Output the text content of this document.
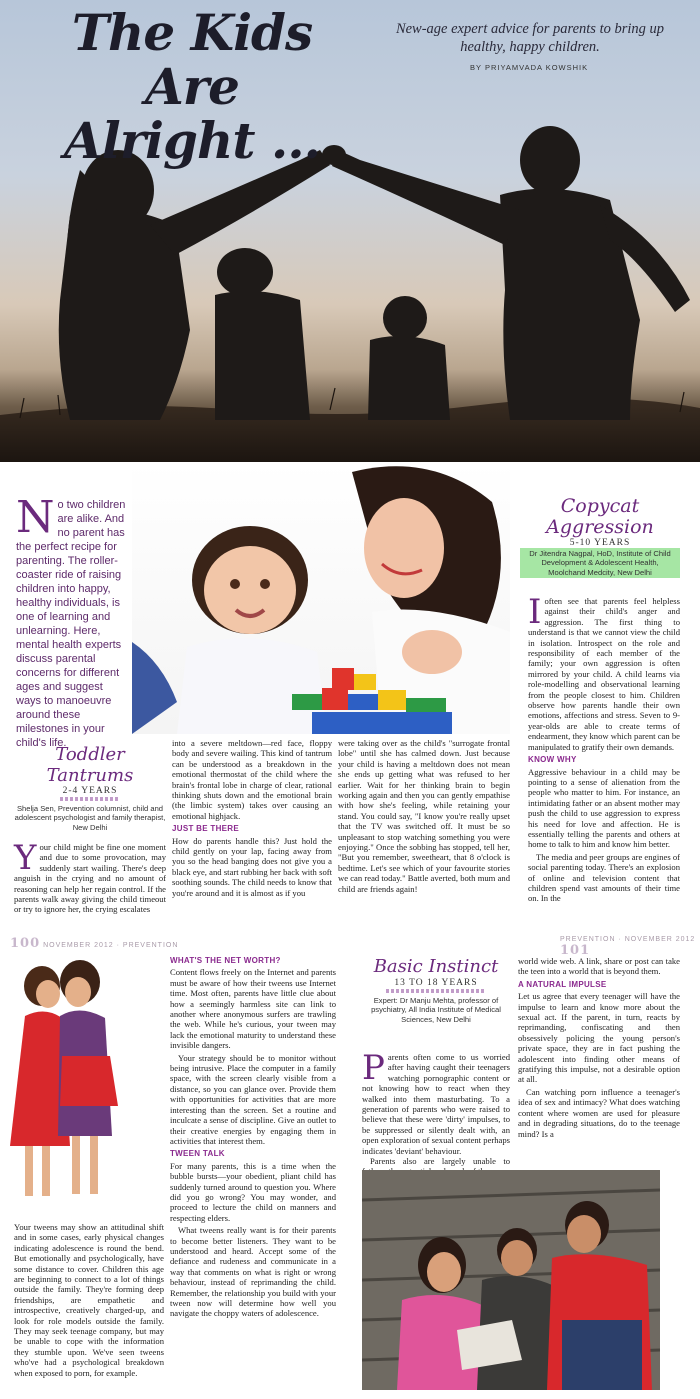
The Kids Are Alright ...
New-age expert advice for parents to bring up healthy, happy children.
BY PRIYAMVADA KOWSHIK
No two children are alike. And no parent has the perfect recipe for parenting. The roller-coaster ride of raising children into happy, healthy individuals, is one of learning and unlearning. Here, mental health experts discuss parental concerns for different ages and suggest ways to manoeuvre around these milestones in your child's life.
Toddler Tantrums
2-4 YEARS
Shelja Sen, Prevention columnist, child and adolescent psychologist and family therapist, New Delhi
Your child might be fine one moment and due to some provocation, may suddenly start wailing. There's deep anguish in the crying and no amount of reasoning can help her regain control. If the parents walk away giving the child timeout or try to ignore her, the crying escalates

into a severe meltdown—red face, floppy body and severe wailing. This kind of tantrum can be understood as a breakdown in the emotional thermostat of the child where the brain's frontal lobe in charge of clear, rational thinking shuts down and the emotional brain (the limbic system) takes over causing an emotional highjack.

JUST BE THERE

How do parents handle this? Just hold the child gently on your lap, facing away from you so the head banging does not give you a black eye, and start rubbing her back with soft soothing sounds. The child needs to know that you're around and it is almost as if you

were taking over as the child's "surrogate frontal lobe" until she has calmed down. Just because your child is having a meltdown does not mean she ends up getting what was refused to her earlier. Wait for her thinking brain to begin working again and then you can gently empathise with how she's feeling, while retaining your stand. You could say, "I know you're really upset that the TV was switched off. It must be so unpleasant to stop watching something you were enjoying." Once the sobbing has stopped, tell her, "But you remember, sweetheart, that 8 o'clock is bedtime. Let's see which of your favourite stories we can read today." Battle averted, both mum and child are friends again!

Copycat Aggression
5-10 YEARS
Dr Jitendra Nagpal, HoD, Institute of Child Development & Adolescent Health, Moolchand Medcity, New Delhi
Ioften see that parents feel helpless against their child's anger and aggression. The first thing to understand is that we cannot view the child in isolation. Introspect on the role and responsibility of each member of the family; your own aggression is often mirrored by your child. A child learns via role-modelling and observational learning from the people closest to him. Children observe how parents handle their own emotions, affections and stress. Seven to 9-year-olds are able to create terms of endearment, they know which parent can be manipulated to gratify their own demands.
KNOW WHY

Aggressive behaviour in a child may be pointing to a sense of alienation from the people who matter to him. For instance, an intimidating father or an absent mother may push the child to use aggression to express his need for love and affection. He is essentially telling the parents and others at home to talk to him and know him better.

The media and peer groups are engines of social parenting today. There's an explosion of online and television content that children spend vast amounts of their time on. In the

100 NOVEMBER 2012 · PREVENTION
PREVENTION · NOVEMBER 2012 101

Your tweens may show an attitudinal shift and in some cases, early physical changes indicating adolescence is round the bend. But emotionally and psychologically, have some distance to cover. Children this age are beginning to connect to a lot of things outside the family. They're forming deep friendships, are empathetic and introspective, creatively charged-up, and look for role models outside the family. They may seek teenage company, but may be unable to cope with the information they stumble upon. We've seen tweens who've had a psychological breakdown when exposed to porn, for example.

WHAT'S THE NET WORTH?

Content flows freely on the Internet and parents must be aware of how their tweens use Internet time. Most often, parents have little clue about how a seemingly harmless site can link to another where anonymous surfers are trawling the web. While he's curious, your tween may lack the emotional maturity to understand these invisible dangers.

Your strategy should be to monitor without being intrusive. Place the computer in a family space, with the screen clearly visible from a distance, so you can glance over. Provide them with opportunities for activities that are more interesting than the screen. Set a routine and inculcate a sense of discipline. Give an outlet to their creative energies by engaging them in activities that interest them.

TWEEN TALK

For many parents, this is a time when the bubble bursts—your obedient, pliant child has suddenly turned around to question you. Where did you go wrong? You may wonder, and proceed to lecture the child on manners and respecting elders.

What tweens really want is for their parents to become better listeners. They want to be understood and heard. Accept some of the defiance and rudeness and communicate in a way that comments on what is right or wrong behaviour, instead of reprimanding the child. Remember, the relationship you build with your tween now will determine how well you navigate the choppy waters of adolescence.

Basic Instinct
13 TO 18 YEARS
Expert: Dr Manju Mehta, professor of psychiatry, All India Institute of Medical Sciences, New Delhi
Parents often come to us worried after having caught their teenagers watching pornographic content or not knowing how to react when they walked into them masturbating. To a generation of parents who were raised to believe that these were 'dirty' impulses, to be suppressed or silently dealt with, an open exploration of sexual content perhaps indicates 'deviant' behaviour.

Parents also are largely unable to

world wide web. A link, share or post can take the teen into a world that is beyond them.

A NATURAL IMPULSE

Let us agree that every teenager will have the impulse to learn and know more about the sexual act. If the parent, in turn, reacts by reprimanding, confiscating and then obsessively policing the young person's private space, they are in fact pushing the adolescent into finding other means of gratifying this impulse, not a desirable option at all.

Can watching porn influence a teenager's idea of sex and intimacy? What does watching content where women are used for pleasure and in degrading situations, do to the teenage mind? Is a
